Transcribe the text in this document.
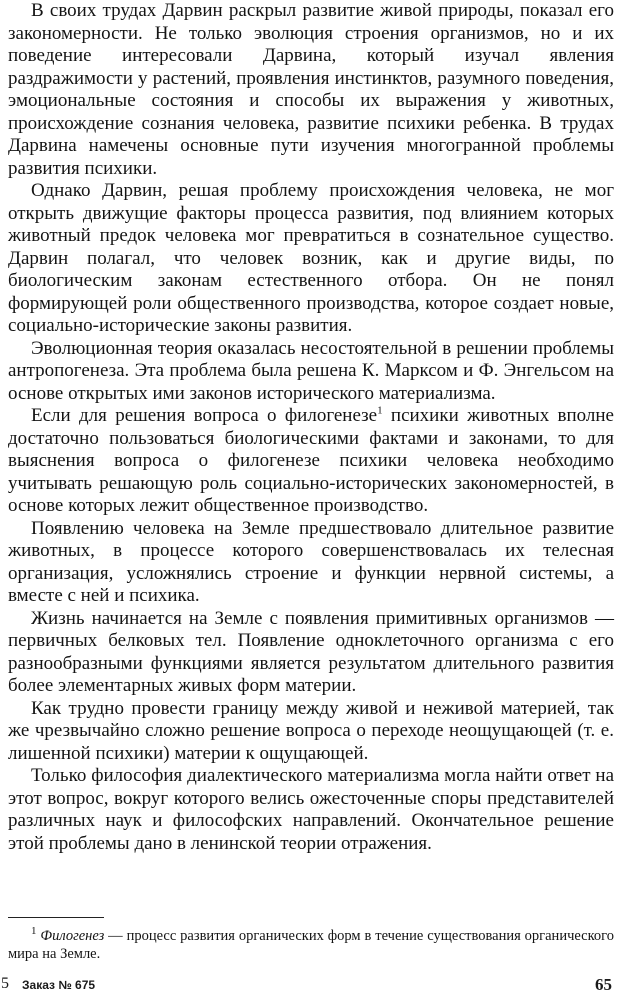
В своих трудах Дарвин раскрыл развитие живой природы, показал его закономерности. Не только эволюция строения организмов, но и их поведение интересовали Дарвина, который изучал явления раздражимости у растений, проявления инстинктов, разумного поведения, эмоциональные состояния и способы их выражения у животных, происхождение сознания человека, развитие психики ребенка. В трудах Дарвина намечены основные пути изучения многогранной проблемы развития психики.

Однако Дарвин, решая проблему происхождения человека, не мог открыть движущие факторы процесса развития, под влиянием которых животный предок человека мог превратиться в сознательное существо. Дарвин полагал, что человек возник, как и другие виды, по биологическим законам естественного отбора. Он не понял формирующей роли общественного производства, которое создает новые, социально-исторические законы развития.

Эволюционная теория оказалась несостоятельной в решении проблемы антропогенеза. Эта проблема была решена К. Марксом и Ф. Энгельсом на основе открытых ими законов исторического материализма.

Если для решения вопроса о филогенезе$^1$ психики животных вполне достаточно пользоваться биологическими фактами и законами, то для выяснения вопроса о филогенезе психики человека необходимо учитывать решающую роль социально-исторических закономерностей, в основе которых лежит общественное производство.

Появлению человека на Земле предшествовало длительное развитие животных, в процессе которого совершенствовалась их телесная организация, усложнялись строение и функции нервной системы, а вместе с ней и психика.

Жизнь начинается на Земле с появления примитивных организмов — первичных белковых тел. Появление одноклеточного организма с его разнообразными функциями является результатом длительного развития более элементарных живых форм материи.

Как трудно провести границу между живой и неживой материей, так же чрезвычайно сложно решение вопроса о переходе неощущающей (т. е. лишенной психики) материи к ощущающей.

Только философия диалектического материализма могла найти ответ на этот вопрос, вокруг которого велись ожесточенные споры представителей различных наук и философских направлений. Окончательное решение этой проблемы дано в ленинской теории отражения.

$^1$ Филогенез — процесс развития органических форм в течение существования органического мира на Земле.

5 Заказ № 675	65
